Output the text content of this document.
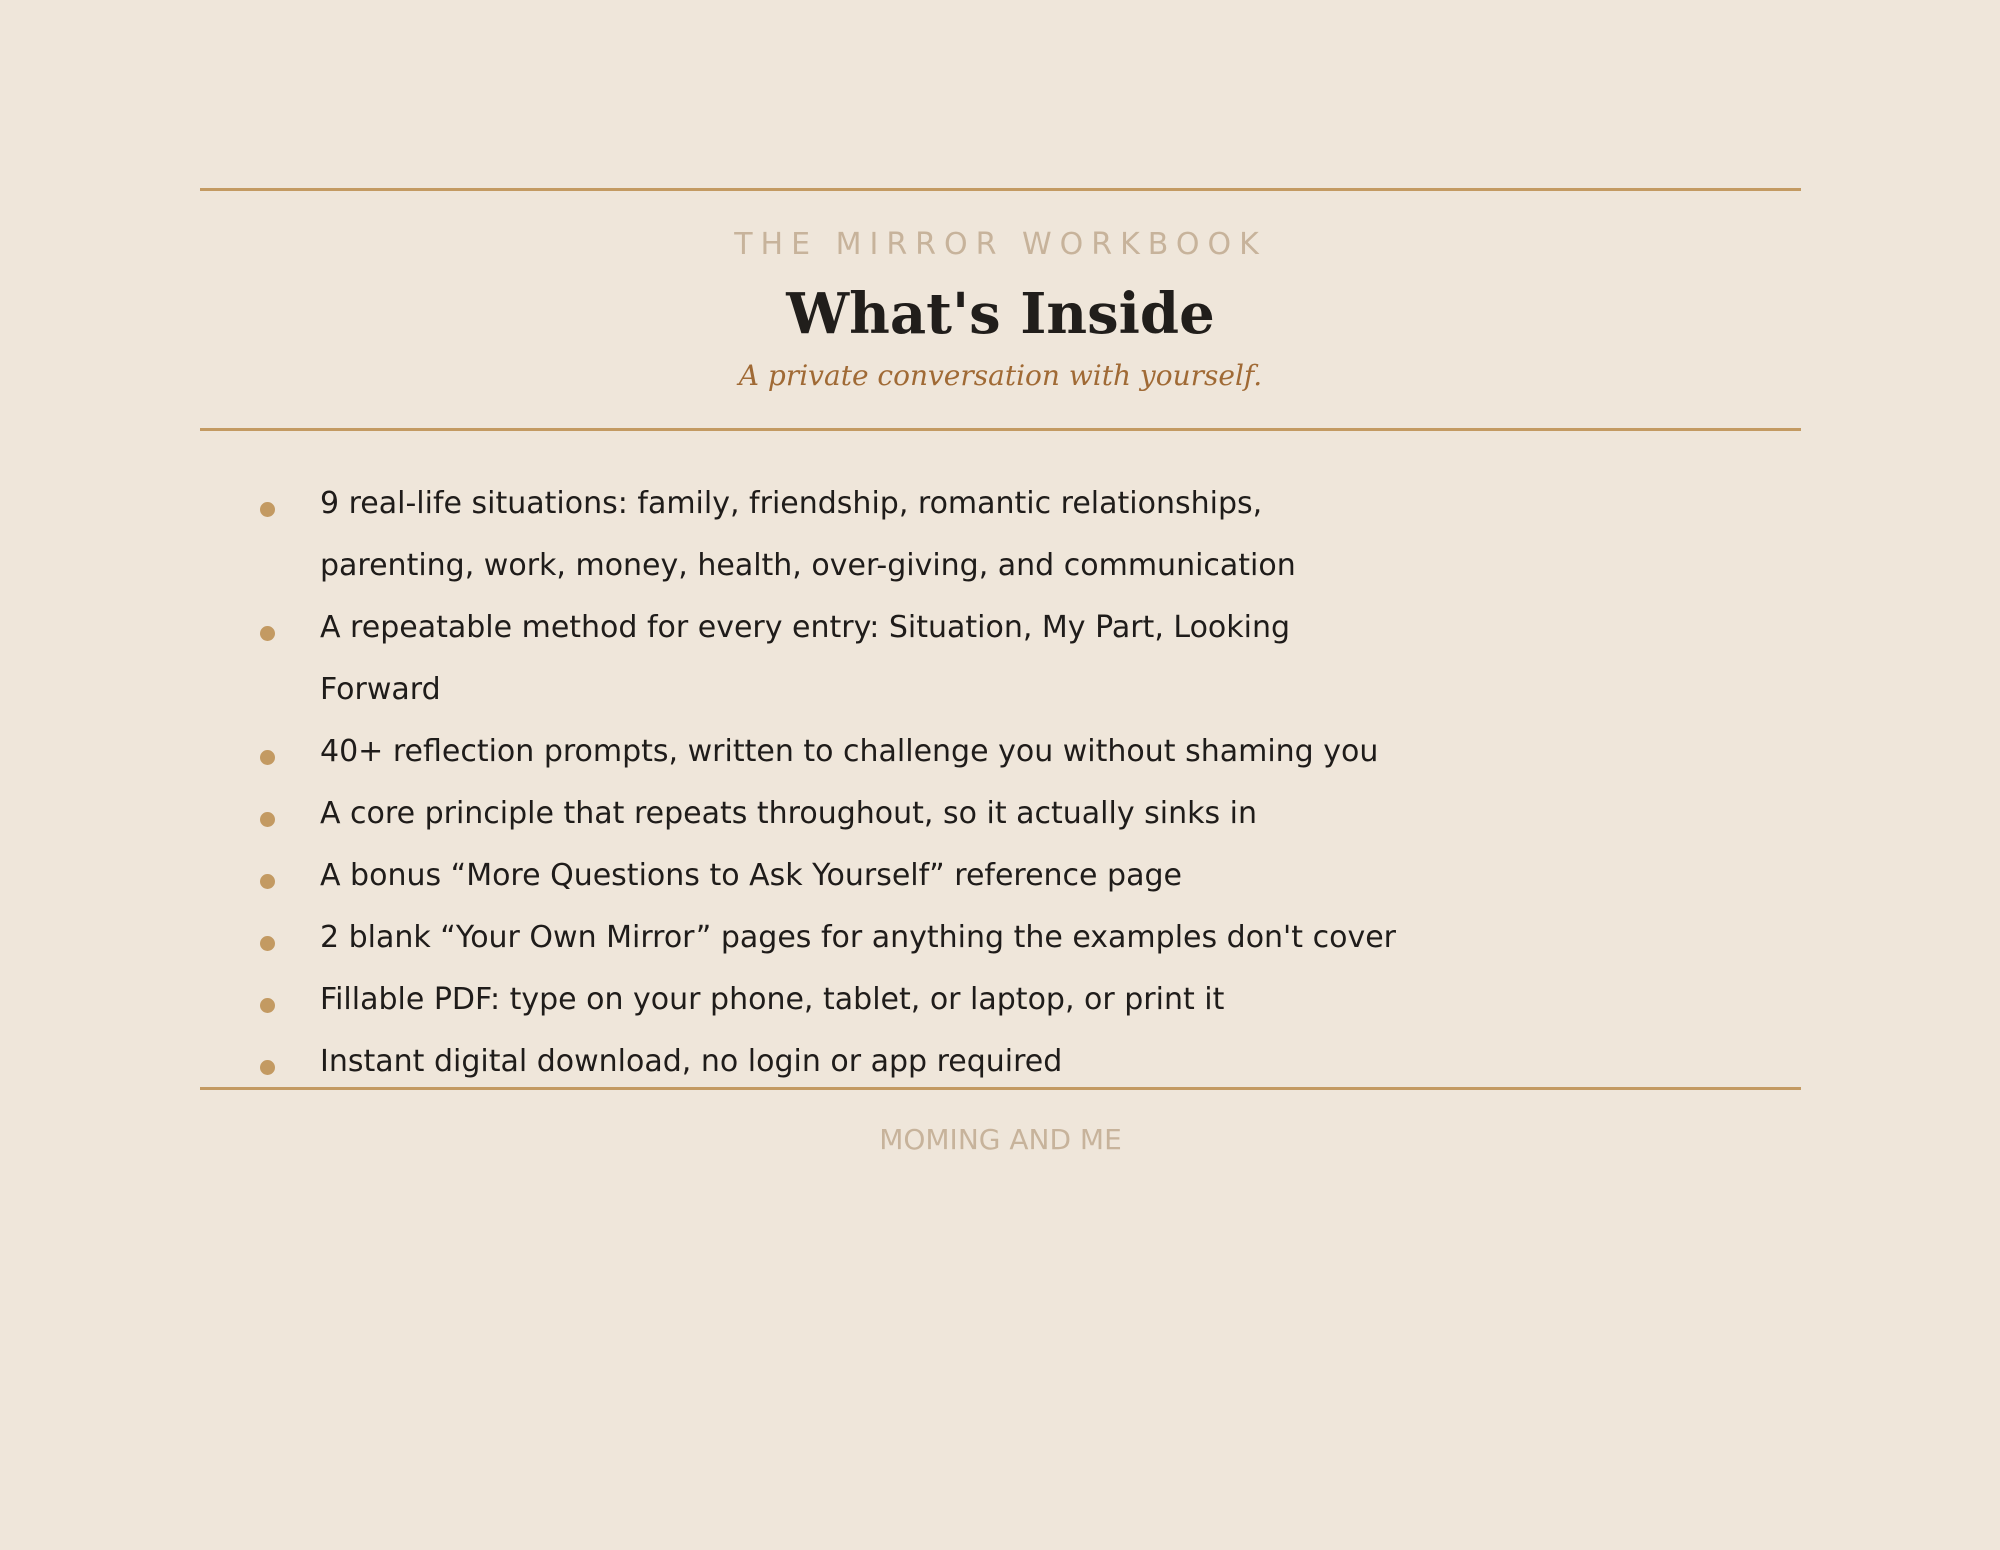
THE MIRROR WORKBOOK
What's Inside
A private conversation with yourself.
9 real-life situations: family, friendship, romantic relationships, parenting, work, money, health, over-giving, and communication
A repeatable method for every entry: Situation, My Part, Looking Forward
40+ reflection prompts, written to challenge you without shaming you
A core principle that repeats throughout, so it actually sinks in
A bonus “More Questions to Ask Yourself” reference page
2 blank “Your Own Mirror” pages for anything the examples don't cover
Fillable PDF: type on your phone, tablet, or laptop, or print it
Instant digital download, no login or app required
MOMING AND ME
